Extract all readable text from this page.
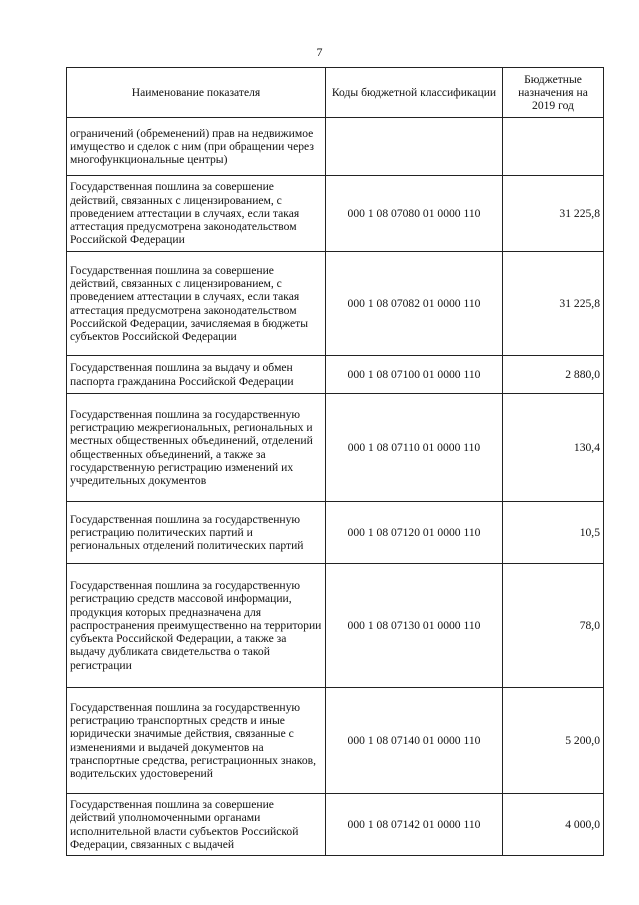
7
Наименование показателя	Коды бюджетной классификации	Бюджетные назначения на 2019 год
ограничений (обременений) прав на недвижимое имущество и сделок с ним (при обращении через многофункциональные центры)		
Государственная пошлина за совершение действий, связанных с лицензированием, с проведением аттестации в случаях, если такая аттестация предусмотрена законодательством Российской Федерации	000 1 08 07080 01 0000 110	31 225,8
Государственная пошлина за совершение действий, связанных с лицензированием, с проведением аттестации в случаях, если такая аттестация предусмотрена законодательством Российской Федерации, зачисляемая в бюджеты субъектов Российской Федерации	000 1 08 07082 01 0000 110	31 225,8
Государственная пошлина за выдачу и обмен паспорта гражданина Российской Федерации	000 1 08 07100 01 0000 110	2 880,0
Государственная пошлина за государственную регистрацию межрегиональных, региональных и местных общественных объединений, отделений общественных объединений, а также за государственную регистрацию изменений их учредительных документов	000 1 08 07110 01 0000 110	130,4
Государственная пошлина за государственную регистрацию политических партий и региональных отделений политических партий	000 1 08 07120 01 0000 110	10,5
Государственная пошлина за государственную регистрацию средств массовой информации, продукция которых предназначена для распространения преимущественно на территории субъекта Российской Федерации, а также за выдачу дубликата свидетельства о такой регистрации	000 1 08 07130 01 0000 110	78,0
Государственная пошлина за государственную регистрацию транспортных средств и иные юридически значимые действия, связанные с изменениями и выдачей документов на транспортные средства, регистрационных знаков, водительских удостоверений	000 1 08 07140 01 0000 110	5 200,0
Государственная пошлина за совершение действий уполномоченными органами исполнительной власти субъектов Российской Федерации, связанных с выдачей	000 1 08 07142 01 0000 110	4 000,0
